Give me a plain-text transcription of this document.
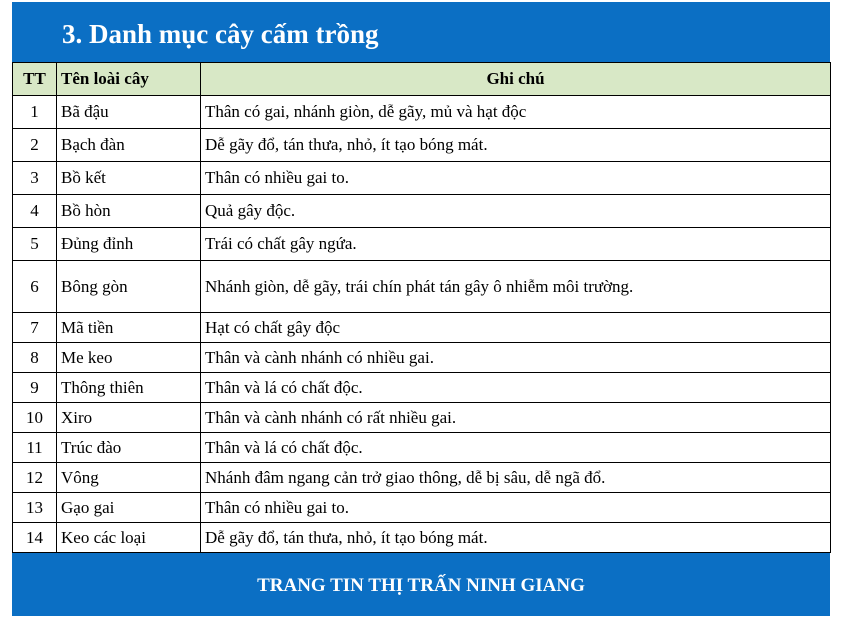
3. Danh mục cây cấm trồng
TT	Tên loài cây	Ghi chú
1	Bã đậu	Thân có gai, nhánh giòn, dễ gãy, mủ và hạt độc
2	Bạch đàn	Dễ gãy đổ, tán thưa, nhỏ, ít tạo bóng mát.
3	Bồ kết	Thân có nhiều gai to.
4	Bồ hòn	Quả gây độc.
5	Đủng đỉnh	Trái có chất gây ngứa.
6	Bông gòn	Nhánh giòn, dễ gãy, trái chín phát tán gây ô nhiễm môi trường.
7	Mã tiền	Hạt có chất gây độc
8	Me keo	Thân và cành nhánh có nhiều gai.
9	Thông thiên	Thân và lá có chất độc.
10	Xiro	Thân và cành nhánh có rất nhiều gai.
11	Trúc đào	Thân và lá có chất độc.
12	Vông	Nhánh đâm ngang cản trở giao thông, dễ bị sâu, dễ ngã đổ.
13	Gạo gai	Thân có nhiều gai to.
14	Keo các loại	Dễ gãy đổ, tán thưa, nhỏ, ít tạo bóng mát.
TRANG TIN THỊ TRẤN NINH GIANG
